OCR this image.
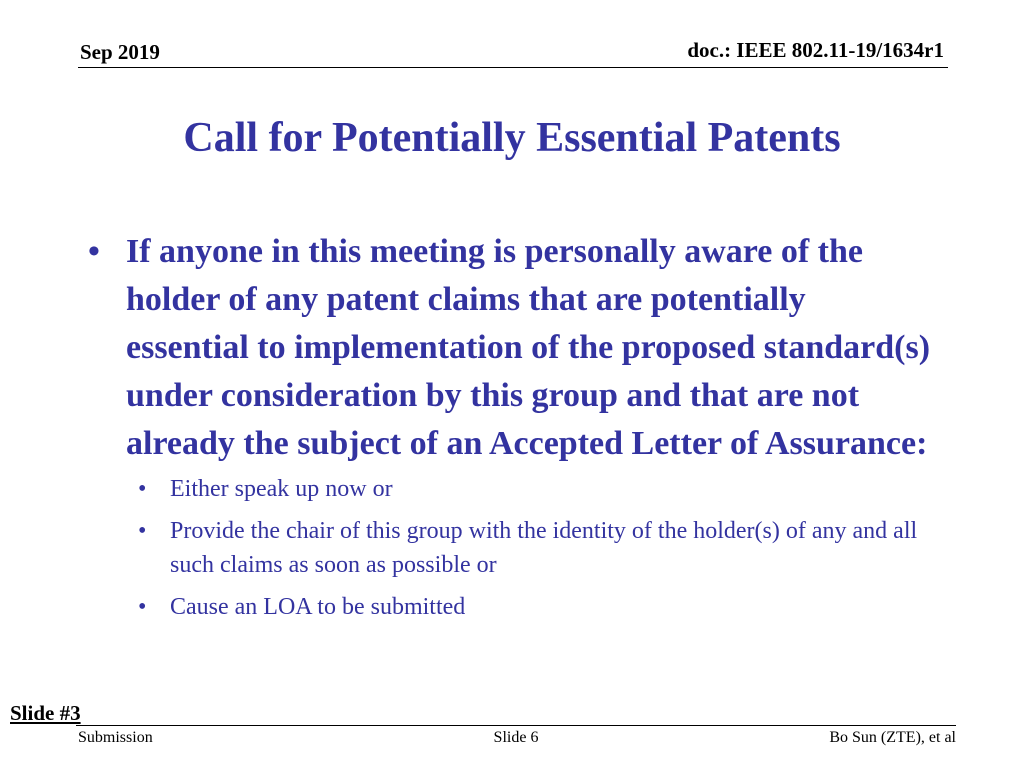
Sep 2019	doc.: IEEE 802.11-19/1634r1
Call for Potentially Essential Patents
• If anyone in this meeting is personally aware of the holder of any patent claims that are potentially essential to implementation of the proposed standard(s) under consideration by this group and that are not already the subject of an Accepted Letter of Assurance:
• Either speak up now or
• Provide the chair of this group with the identity of the holder(s) of any and all such claims as soon as possible or
• Cause an LOA to be submitted
Slide #3
Submission	Slide 6	Bo Sun (ZTE), et al
